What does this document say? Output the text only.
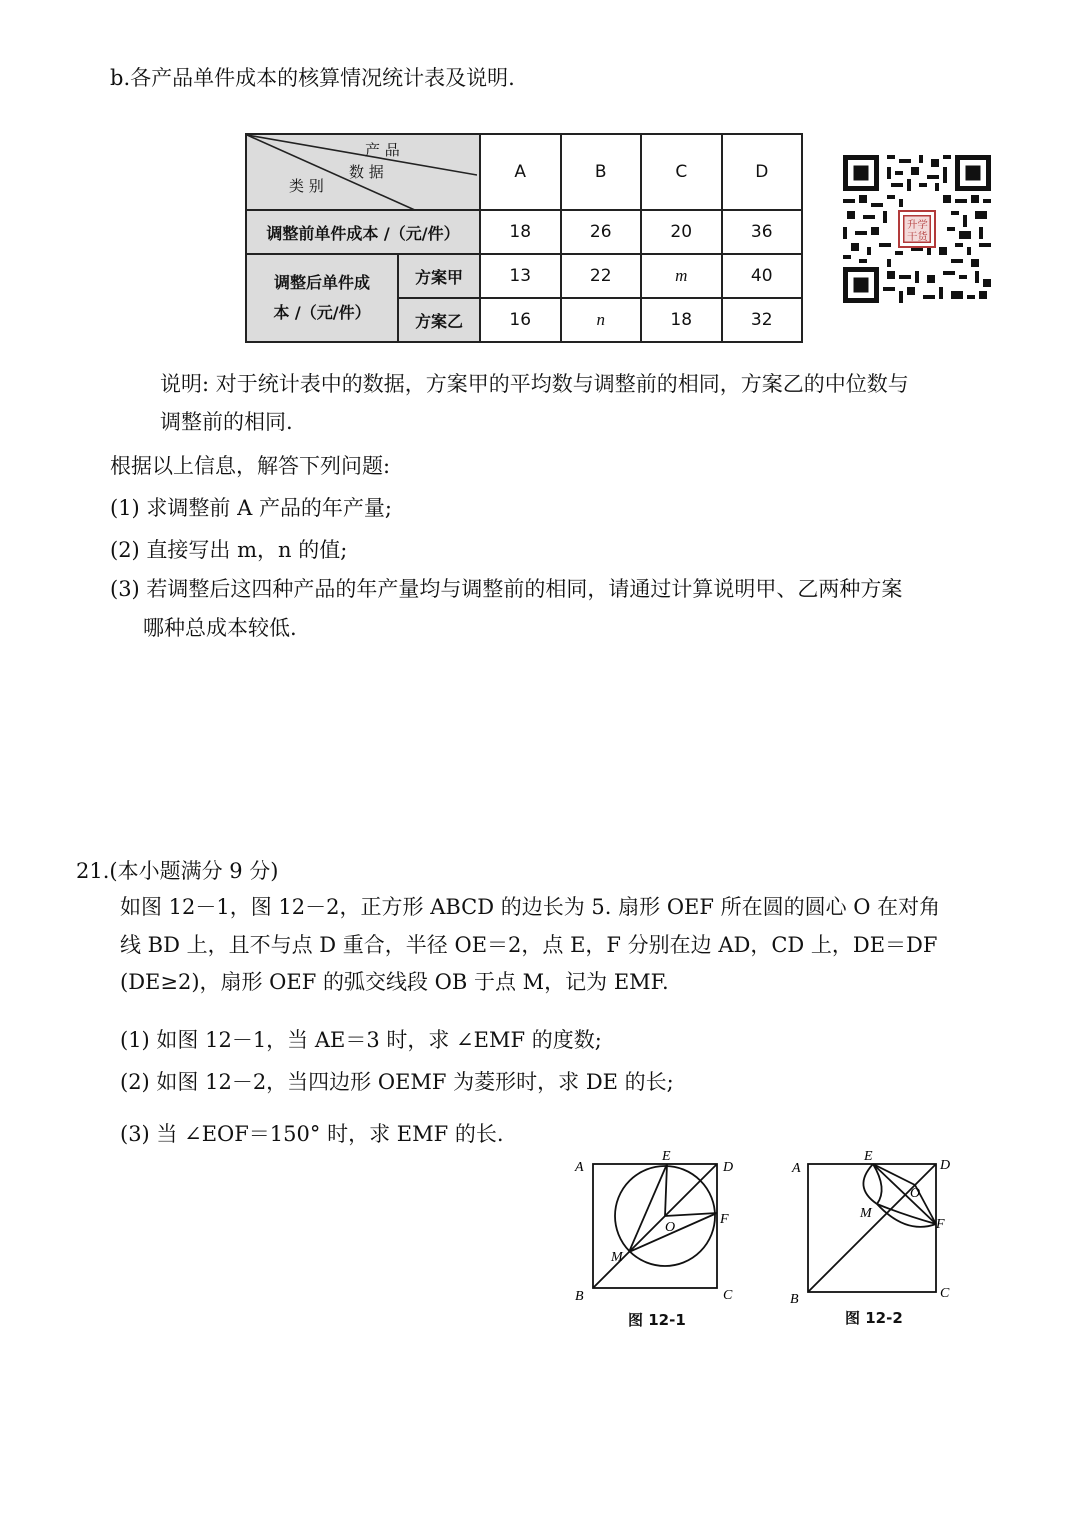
b.各产品单件成本的核算情况统计表及说明.
产 品
数 据
类 别		A	B	C	D
调整前单件成本 /（元/件）		18	26	20	36

调整后单件成
本 /（元/件）	方案甲	13	22	m	40
	方案乙	16	n	18	32
升学
干货
说明: 对于统计表中的数据，方案甲的平均数与调整前的相同，方案乙的中位数与
调整前的相同.
根据以上信息，解答下列问题:
(1) 求调整前 A 产品的年产量;
(2) 直接写出 m，n 的值;
(3) 若调整后这四种产品的年产量均与调整前的相同，请通过计算说明甲、乙两种方案
哪种总成本较低.
21.(本小题满分 9 分)
如图 12－1，图 12－2，正方形 ABCD 的边长为 5. 扇形 OEF 所在圆的圆心 O 在对角
线 BD 上，且不与点 D 重合，半径 OE＝2，点 E，F 分别在边 AD，CD 上，DE＝DF
(DE≥2)，扇形 OEF 的弧交线段 OB 于点 M，记为 EMF.
(1) 如图 12－1，当 AE＝3 时，求 ∠EMF 的度数;
(2) 如图 12－2，当四边形 OEMF 为菱形时，求 DE 的长;
(3) 当 ∠EOF＝150° 时，求 EMF 的长.
A
B	C
D
E
F
O
M
图 12-1
A
B	C
D
E
F
O
M
图 12-2
